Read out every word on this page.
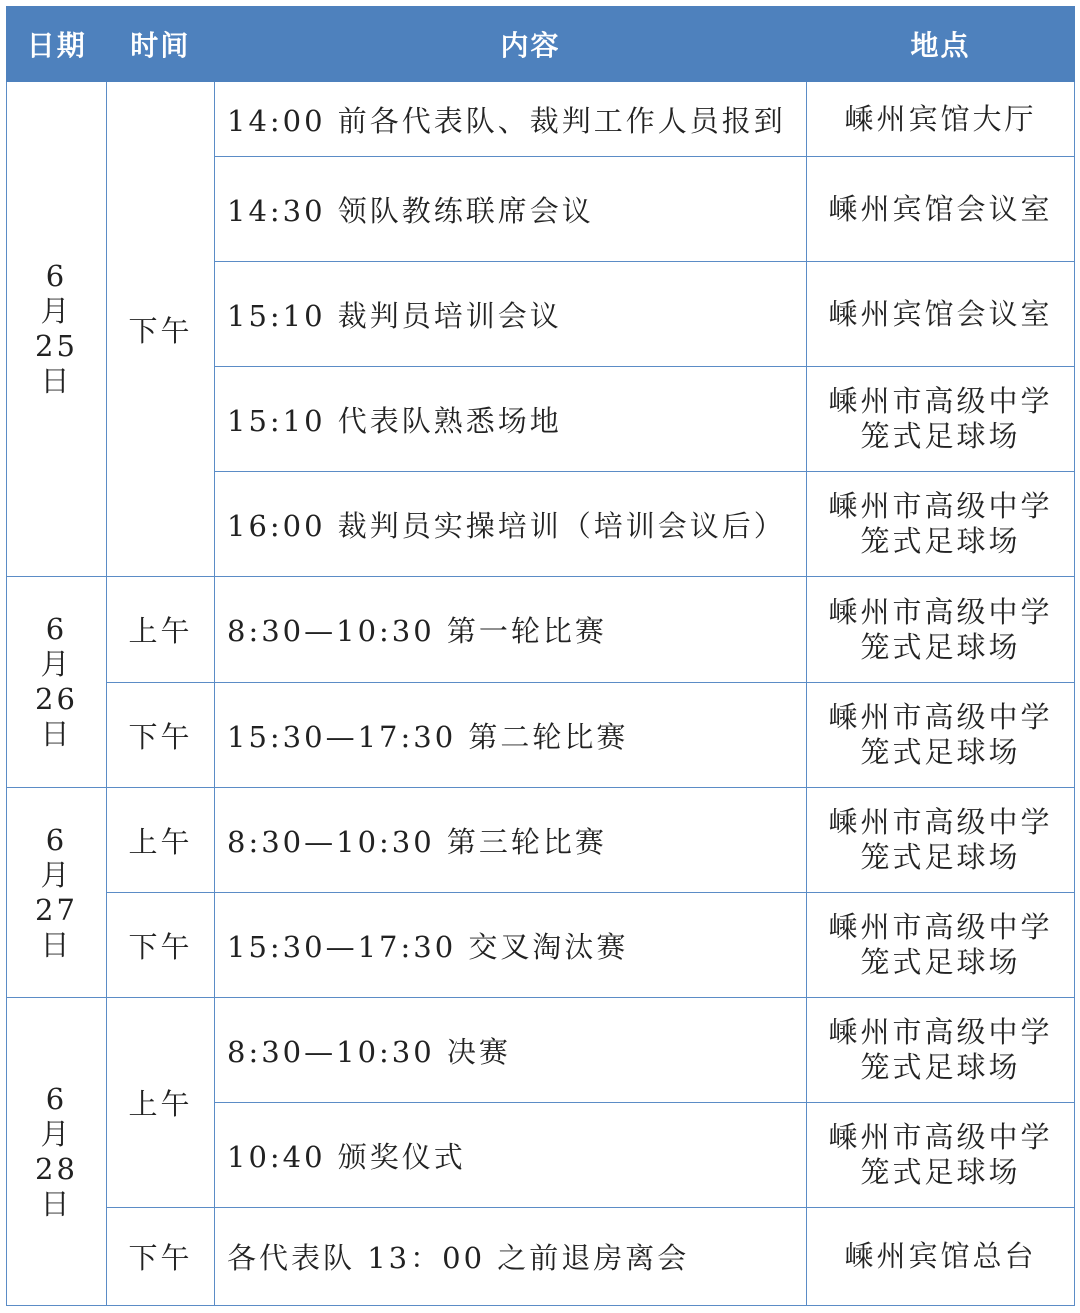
日期 时间		内容	地点

6
月
25
日	下午	14:00 前各代表队、裁判工作人员报到	嵊州宾馆大厅

		14:30 领队教练联席会议	嵊州宾馆会议室

		15:10 裁判员培训会议	嵊州宾馆会议室

		15:10 代表队熟悉场地	嵊州市高级中学
笼式足球场

		16:00 裁判员实操培训（培训会议后）	嵊州市高级中学
笼式足球场

6
月
26
日	上午	8:30—10:30 第一轮比赛	嵊州市高级中学
笼式足球场

	下午	15:30—17:30 第二轮比赛	嵊州市高级中学
笼式足球场

6
月
27
日	上午	8:30—10:30 第三轮比赛	嵊州市高级中学
笼式足球场

	下午	15:30—17:30 交叉淘汰赛	嵊州市高级中学
笼式足球场

6
月
28
日	上午	8:30—10:30 决赛	嵊州市高级中学
笼式足球场

		10:40 颁奖仪式	嵊州市高级中学
笼式足球场

	下午	各代表队 13：00 之前退房离会	嵊州宾馆总台
